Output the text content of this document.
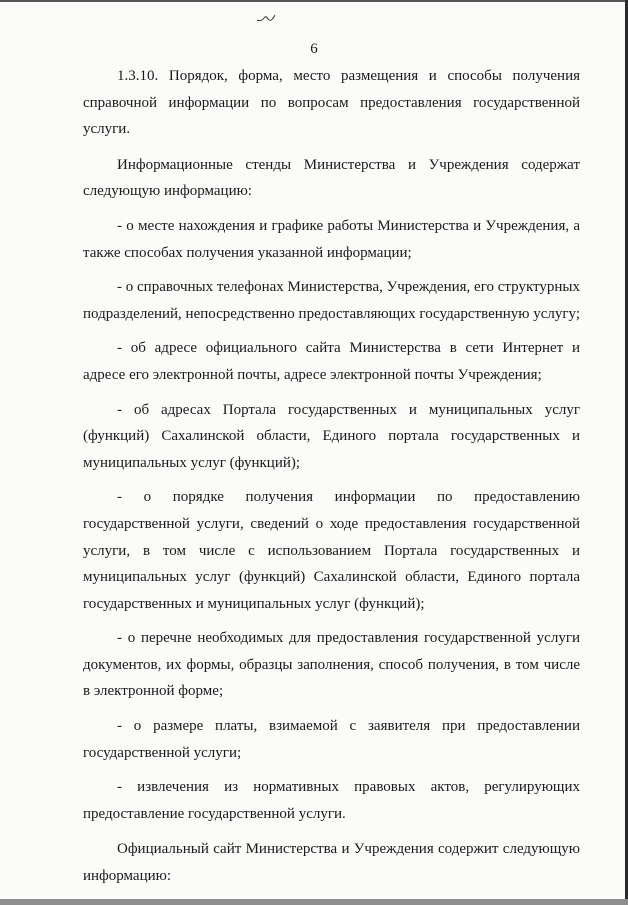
6

1.3.10. Порядок, форма, место размещения и способы получения справочной информации по вопросам предоставления государственной услуги.

Информационные стенды Министерства и Учреждения содержат следующую информацию:

- о месте нахождения и графике работы Министерства и Учреждения, а также способах получения указанной информации;

- о справочных телефонах Министерства, Учреждения, его структурных подразделений, непосредственно предоставляющих государственную услугу;

- об адресе официального сайта Министерства в сети Интернет и адресе его электронной почты, адресе электронной почты Учреждения;

- об адресах Портала государственных и муниципальных услуг (функций) Сахалинской области, Единого портала государственных и муниципальных услуг (функций);

- о порядке получения информации по предоставлению государственной услуги, сведений о ходе предоставления государственной услуги, в том числе с использованием Портала государственных и муниципальных услуг (функций) Сахалинской области, Единого портала государственных и муниципальных услуг (функций);

- о перечне необходимых для предоставления государственной услуги документов, их формы, образцы заполнения, способ получения, в том числе в электронной форме;

- о размере платы, взимаемой с заявителя при предоставлении государственной услуги;

- извлечения из нормативных правовых актов, регулирующих предоставление государственной услуги.

Официальный сайт Министерства и Учреждения содержит следующую информацию:
